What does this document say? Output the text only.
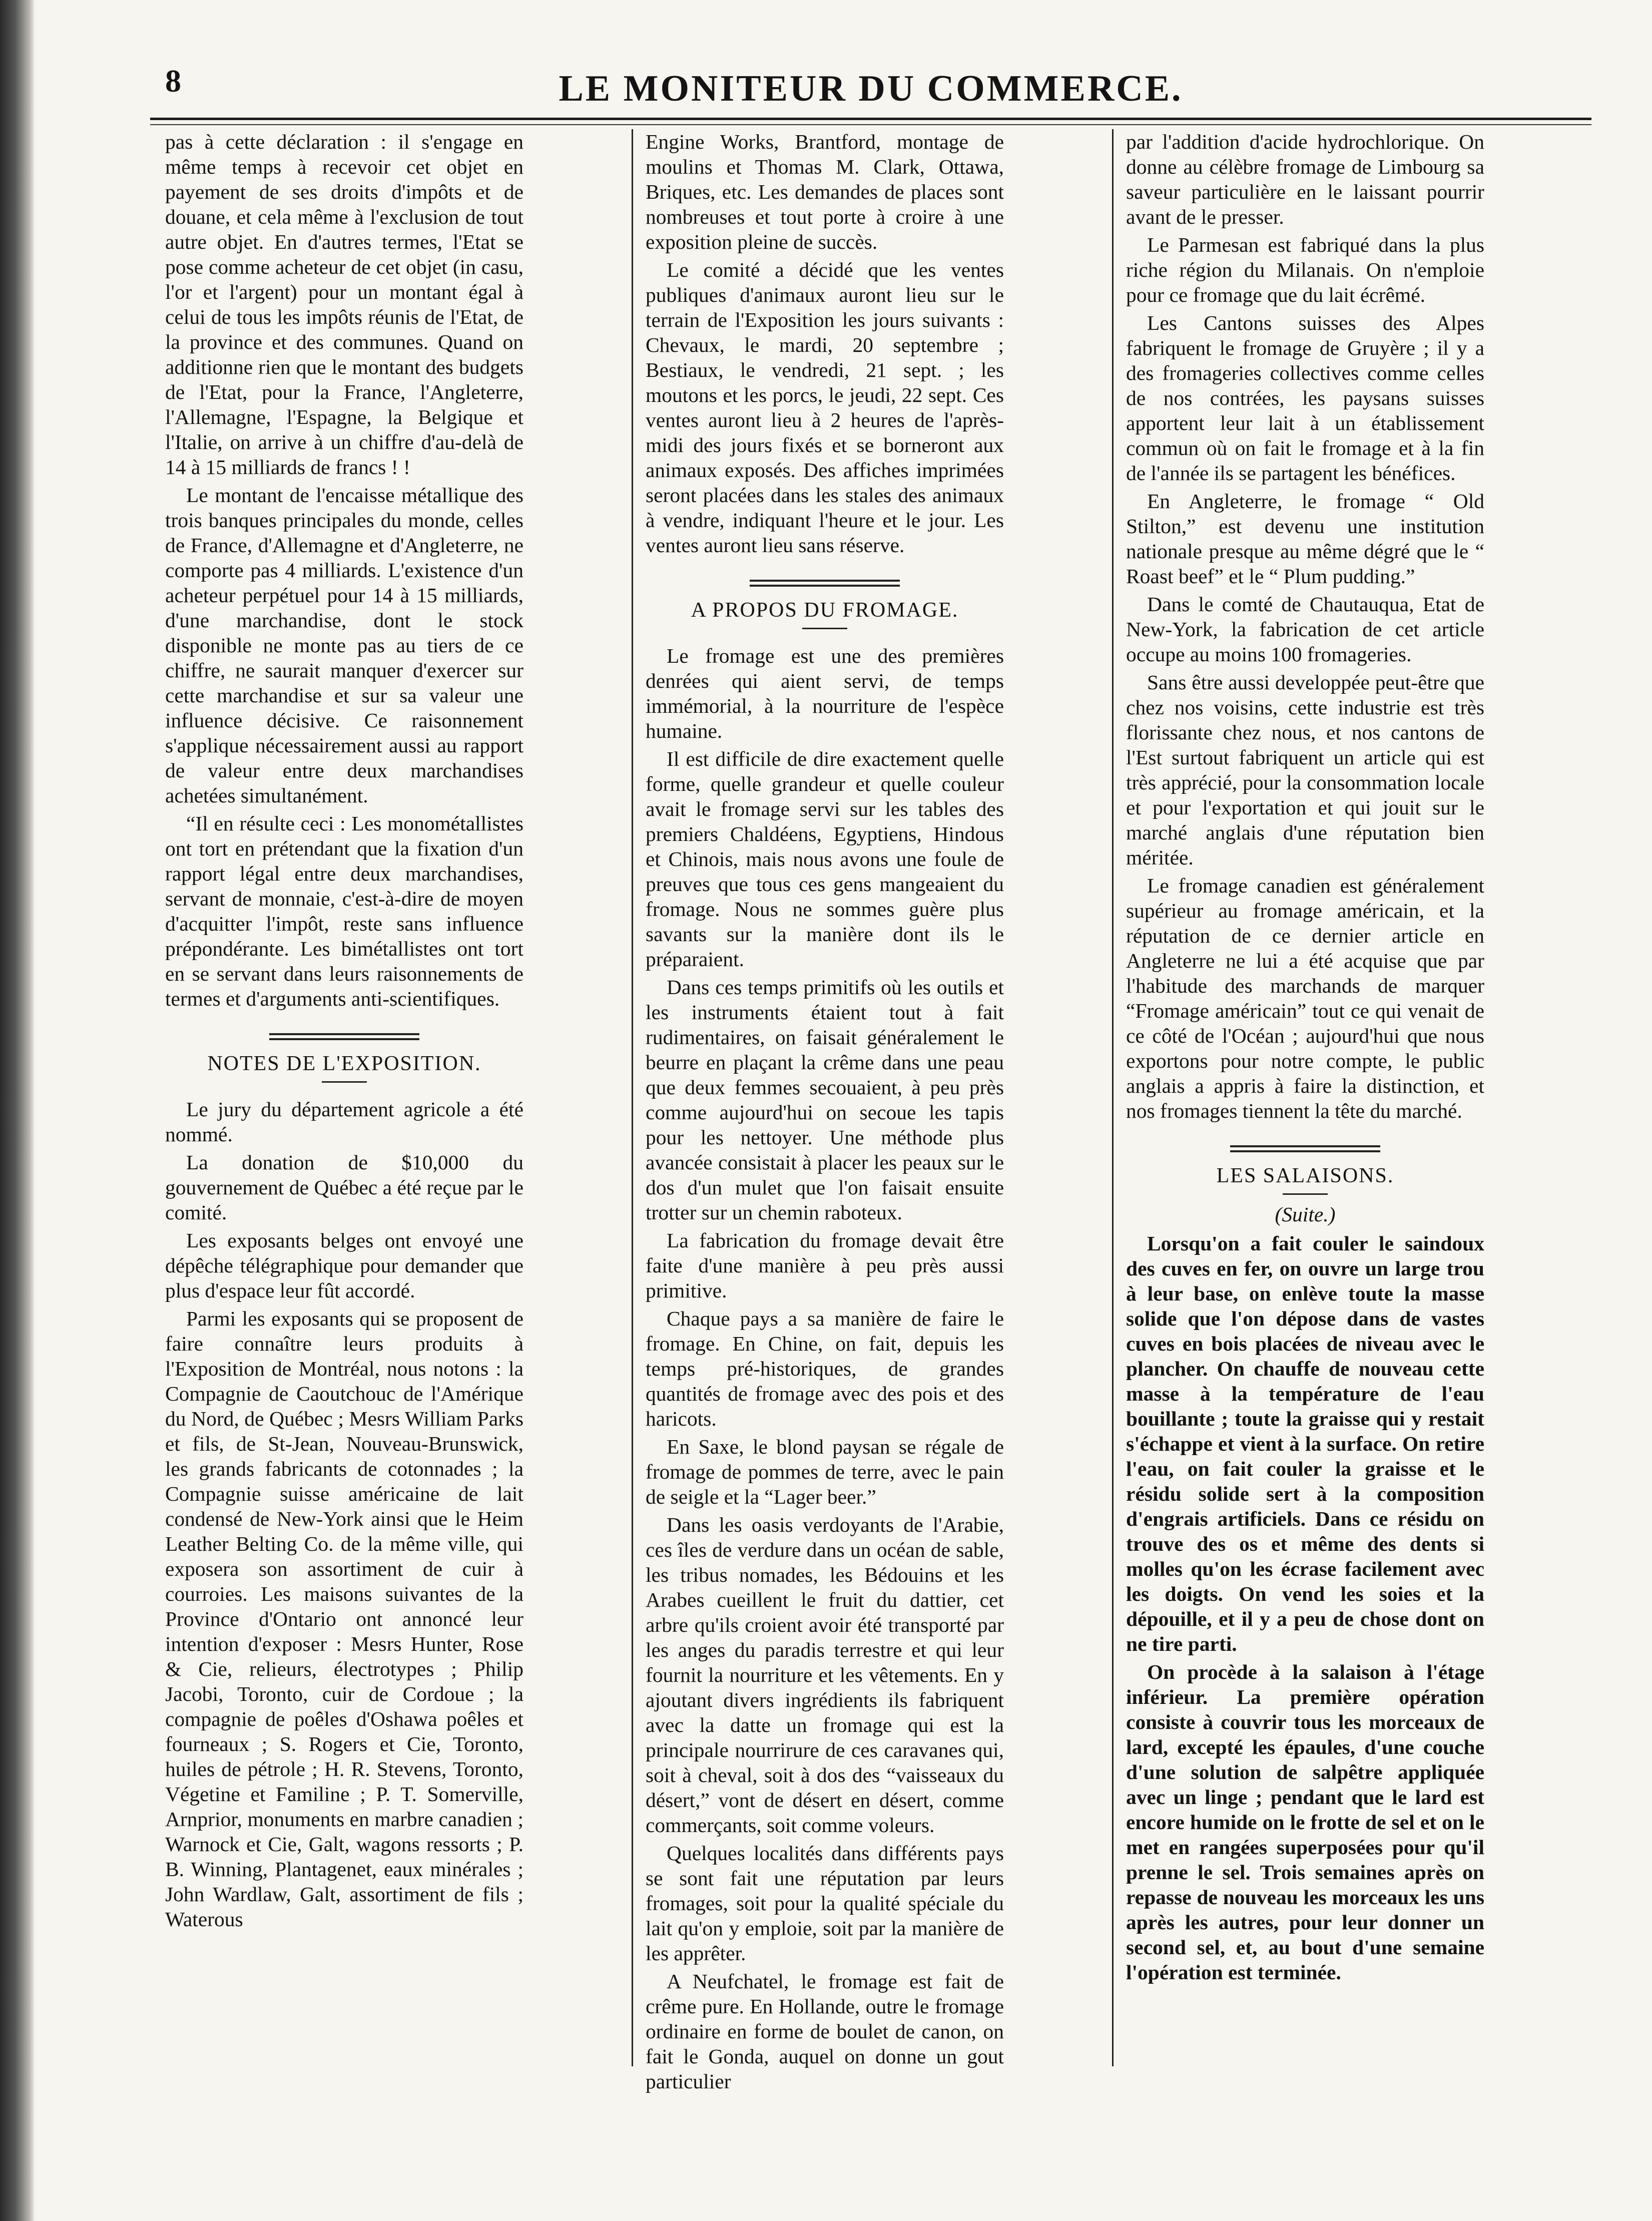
8	LE MONITEUR DU COMMERCE.

pas à cette déclaration : il s'engage en même temps à recevoir cet objet en payement de ses droits d'impôts et de douane, et cela même à l'exclusion de tout autre objet. En d'autres termes, l'Etat se pose comme acheteur de cet objet (in casu, l'or et l'argent) pour un montant égal à celui de tous les impôts réunis de l'Etat, de la province et des communes. Quand on additionne rien que le montant des budgets de l'Etat, pour la France, l'Angleterre, l'Allemagne, l'Espagne, la Belgique et l'Italie, on arrive à un chiffre d'au-delà de 14 à 15 milliards de francs ! !

Le montant de l'encaisse métallique des trois banques principales du monde, celles de France, d'Allemagne et d'Angleterre, ne comporte pas 4 milliards. L'existence d'un acheteur perpétuel pour 14 à 15 milliards, d'une marchandise, dont le stock disponible ne monte pas au tiers de ce chiffre, ne saurait manquer d'exercer sur cette marchandise et sur sa valeur une influence décisive. Ce raisonnement s'applique nécessairement aussi au rapport de valeur entre deux marchandises achetées simultanément.

“Il en résulte ceci : Les monométallistes ont tort en prétendant que la fixation d'un rapport légal entre deux marchandises, servant de monnaie, c'est-à-dire de moyen d'acquitter l'impôt, reste sans influence prépondérante. Les bimétallistes ont tort en se servant dans leurs raisonnements de termes et d'arguments anti-scientifiques.

NOTES DE L'EXPOSITION.

Le jury du département agricole a été nommé.

La donation de $10,000 du gouvernement de Québec a été reçue par le comité.

Les exposants belges ont envoyé une dépêche télégraphique pour demander que plus d'espace leur fût accordé.

Parmi les exposants qui se proposent de faire connaître leurs produits à l'Exposition de Montréal, nous notons : la Compagnie de Caoutchouc de l'Amérique du Nord, de Québec ; Mesrs William Parks et fils, de St-Jean, Nouveau-Brunswick, les grands fabricants de cotonnades ; la Compagnie suisse américaine de lait condensé de New-York ainsi que le Heim Leather Belting Co. de la même ville, qui exposera son assortiment de cuir à courroies. Les maisons suivantes de la Province d'Ontario ont annoncé leur intention d'exposer : Mesrs Hunter, Rose & Cie, relieurs, électrotypes ; Philip Jacobi, Toronto, cuir de Cordoue ; la compagnie de poêles d'Oshawa poêles et fourneaux ; S. Rogers et Cie, Toronto, huiles de pétrole ; H. R. Stevens, Toronto, Végetine et Familine ; P. T. Somerville, Arnprior, monuments en marbre canadien ; Warnock et Cie, Galt, wagons ressorts ; P. B. Winning, Plantagenet, eaux minérales ; John Wardlaw, Galt, assortiment de fils ; Waterous

Engine Works, Brantford, montage de moulins et Thomas M. Clark, Ottawa, Briques, etc. Les demandes de places sont nombreuses et tout porte à croire à une exposition pleine de succès.

Le comité a décidé que les ventes publiques d'animaux auront lieu sur le terrain de l'Exposition les jours suivants : Chevaux, le mardi, 20 septembre ; Bestiaux, le vendredi, 21 sept. ; les moutons et les porcs, le jeudi, 22 sept. Ces ventes auront lieu à 2 heures de l'après-midi des jours fixés et se borneront aux animaux exposés. Des affiches imprimées seront placées dans les stales des animaux à vendre, indiquant l'heure et le jour. Les ventes auront lieu sans réserve.

A PROPOS DU FROMAGE.

Le fromage est une des premières denrées qui aient servi, de temps immémorial, à la nourriture de l'espèce humaine.

Il est difficile de dire exactement quelle forme, quelle grandeur et quelle couleur avait le fromage servi sur les tables des premiers Chaldéens, Egyptiens, Hindous et Chinois, mais nous avons une foule de preuves que tous ces gens mangeaient du fromage. Nous ne sommes guère plus savants sur la manière dont ils le préparaient.

Dans ces temps primitifs où les outils et les instruments étaient tout à fait rudimentaires, on faisait généralement le beurre en plaçant la crême dans une peau que deux femmes secouaient, à peu près comme aujourd'hui on secoue les tapis pour les nettoyer. Une méthode plus avancée consistait à placer les peaux sur le dos d'un mulet que l'on faisait ensuite trotter sur un chemin raboteux.

La fabrication du fromage devait être faite d'une manière à peu près aussi primitive.

Chaque pays a sa manière de faire le fromage. En Chine, on fait, depuis les temps pré-historiques, de grandes quantités de fromage avec des pois et des haricots.

En Saxe, le blond paysan se régale de fromage de pommes de terre, avec le pain de seigle et la “Lager beer.”

Dans les oasis verdoyants de l'Arabie, ces îles de verdure dans un océan de sable, les tribus nomades, les Bédouins et les Arabes cueillent le fruit du dattier, cet arbre qu'ils croient avoir été transporté par les anges du paradis terrestre et qui leur fournit la nourriture et les vêtements. En y ajoutant divers ingrédients ils fabriquent avec la datte un fromage qui est la principale nourrirure de ces caravanes qui, soit à cheval, soit à dos des “vaisseaux du désert,” vont de désert en désert, comme commerçants, soit comme voleurs.

Quelques localités dans différents pays se sont fait une réputation par leurs fromages, soit pour la qualité spéciale du lait qu'on y emploie, soit par la manière de les apprêter.

A Neufchatel, le fromage est fait de crême pure. En Hollande, outre le fromage ordinaire en forme de boulet de canon, on fait le Gonda, auquel on donne un gout particulier

par l'addition d'acide hydrochlorique. On donne au célèbre fromage de Limbourg sa saveur particulière en le laissant pourrir avant de le presser.

Le Parmesan est fabriqué dans la plus riche région du Milanais. On n'emploie pour ce fromage que du lait écrêmé.

Les Cantons suisses des Alpes fabriquent le fromage de Gruyère ; il y a des fromageries collectives comme celles de nos contrées, les paysans suisses apportent leur lait à un établissement commun où on fait le fromage et à la fin de l'année ils se partagent les bénéfices.

En Angleterre, le fromage “ Old Stilton,” est devenu une institution nationale presque au même dégré que le “ Roast beef” et le “ Plum pudding.”

Dans le comté de Chautauqua, Etat de New-York, la fabrication de cet article occupe au moins 100 fromageries.

Sans être aussi developpée peut-être que chez nos voisins, cette industrie est très florissante chez nous, et nos cantons de l'Est surtout fabriquent un article qui est très apprécié, pour la consommation locale et pour l'exportation et qui jouit sur le marché anglais d'une réputation bien méritée.

Le fromage canadien est généralement supérieur au fromage américain, et la réputation de ce dernier article en Angleterre ne lui a été acquise que par l'habitude des marchands de marquer “Fromage américain” tout ce qui venait de ce côté de l'Océan ; aujourd'hui que nous exportons pour notre compte, le public anglais a appris à faire la distinction, et nos fromages tiennent la tête du marché.

LES SALAISONS.

(Suite.)

Lorsqu'on a fait couler le saindoux des cuves en fer, on ouvre un large trou à leur base, on enlève toute la masse solide que l'on dépose dans de vastes cuves en bois placées de niveau avec le plancher. On chauffe de nouveau cette masse à la température de l'eau bouillante ; toute la graisse qui y restait s'échappe et vient à la surface. On retire l'eau, on fait couler la graisse et le résidu solide sert à la composition d'engrais artificiels. Dans ce résidu on trouve des os et même des dents si molles qu'on les écrase facilement avec les doigts. On vend les soies et la dépouille, et il y a peu de chose dont on ne tire parti.

On procède à la salaison à l'étage inférieur. La première opération consiste à couvrir tous les morceaux de lard, excepté les épaules, d'une couche d'une solution de salpêtre appliquée avec un linge ; pendant que le lard est encore humide on le frotte de sel et on le met en rangées superposées pour qu'il prenne le sel. Trois semaines après on repasse de nouveau les morceaux les uns après les autres, pour leur donner un second sel, et, au bout d'une semaine l'opération est terminée.
